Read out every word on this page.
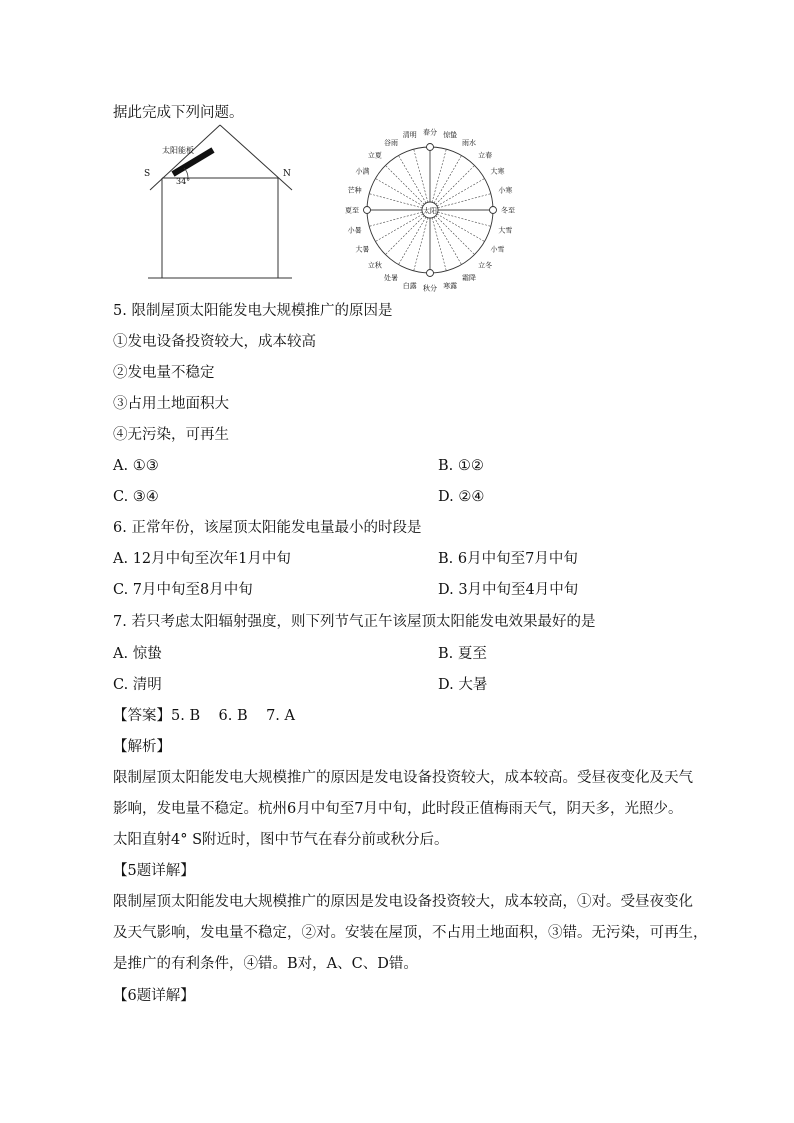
据此完成下列问题。
太阳能板
34°
S	N
太阳
春分 惊蛰
雨水
立春
大寒
小寒
冬至
大雪
小雪
立冬
霜降
寒露
秋分
白露
处暑
立秋
大暑
小暑
夏至
芒种
小满
立夏
谷雨
清明
5. 限制屋顶太阳能发电大规模推广的原因是
①发电设备投资较大，成本较高
②发电量不稳定
③占用土地面积大
④无污染，可再生
A. ①③	B. ①②
C. ③④	D. ②④
6. 正常年份，该屋顶太阳能发电量最小的时段是
A. 12月中旬至次年1月中旬	B. 6月中旬至7月中旬
C. 7月中旬至8月中旬	D. 3月中旬至4月中旬
7. 若只考虑太阳辐射强度，则下列节气正午该屋顶太阳能发电效果最好的是
A. 惊蛰	B. 夏至
C. 清明	D. 大暑
【答案】5. B    6. B    7. A
【解析】
限制屋顶太阳能发电大规模推广的原因是发电设备投资较大，成本较高。受昼夜变化及天气
影响，发电量不稳定。杭州6月中旬至7月中旬，此时段正值梅雨天气，阴天多，光照少。
太阳直射4° S附近时，图中节气在春分前或秋分后。
【5题详解】
限制屋顶太阳能发电大规模推广的原因是发电设备投资较大，成本较高，①对。受昼夜变化
及天气影响，发电量不稳定，②对。安装在屋顶，不占用土地面积，③错。无污染，可再生，
是推广的有利条件，④错。B对，A、C、D错。
【6题详解】
